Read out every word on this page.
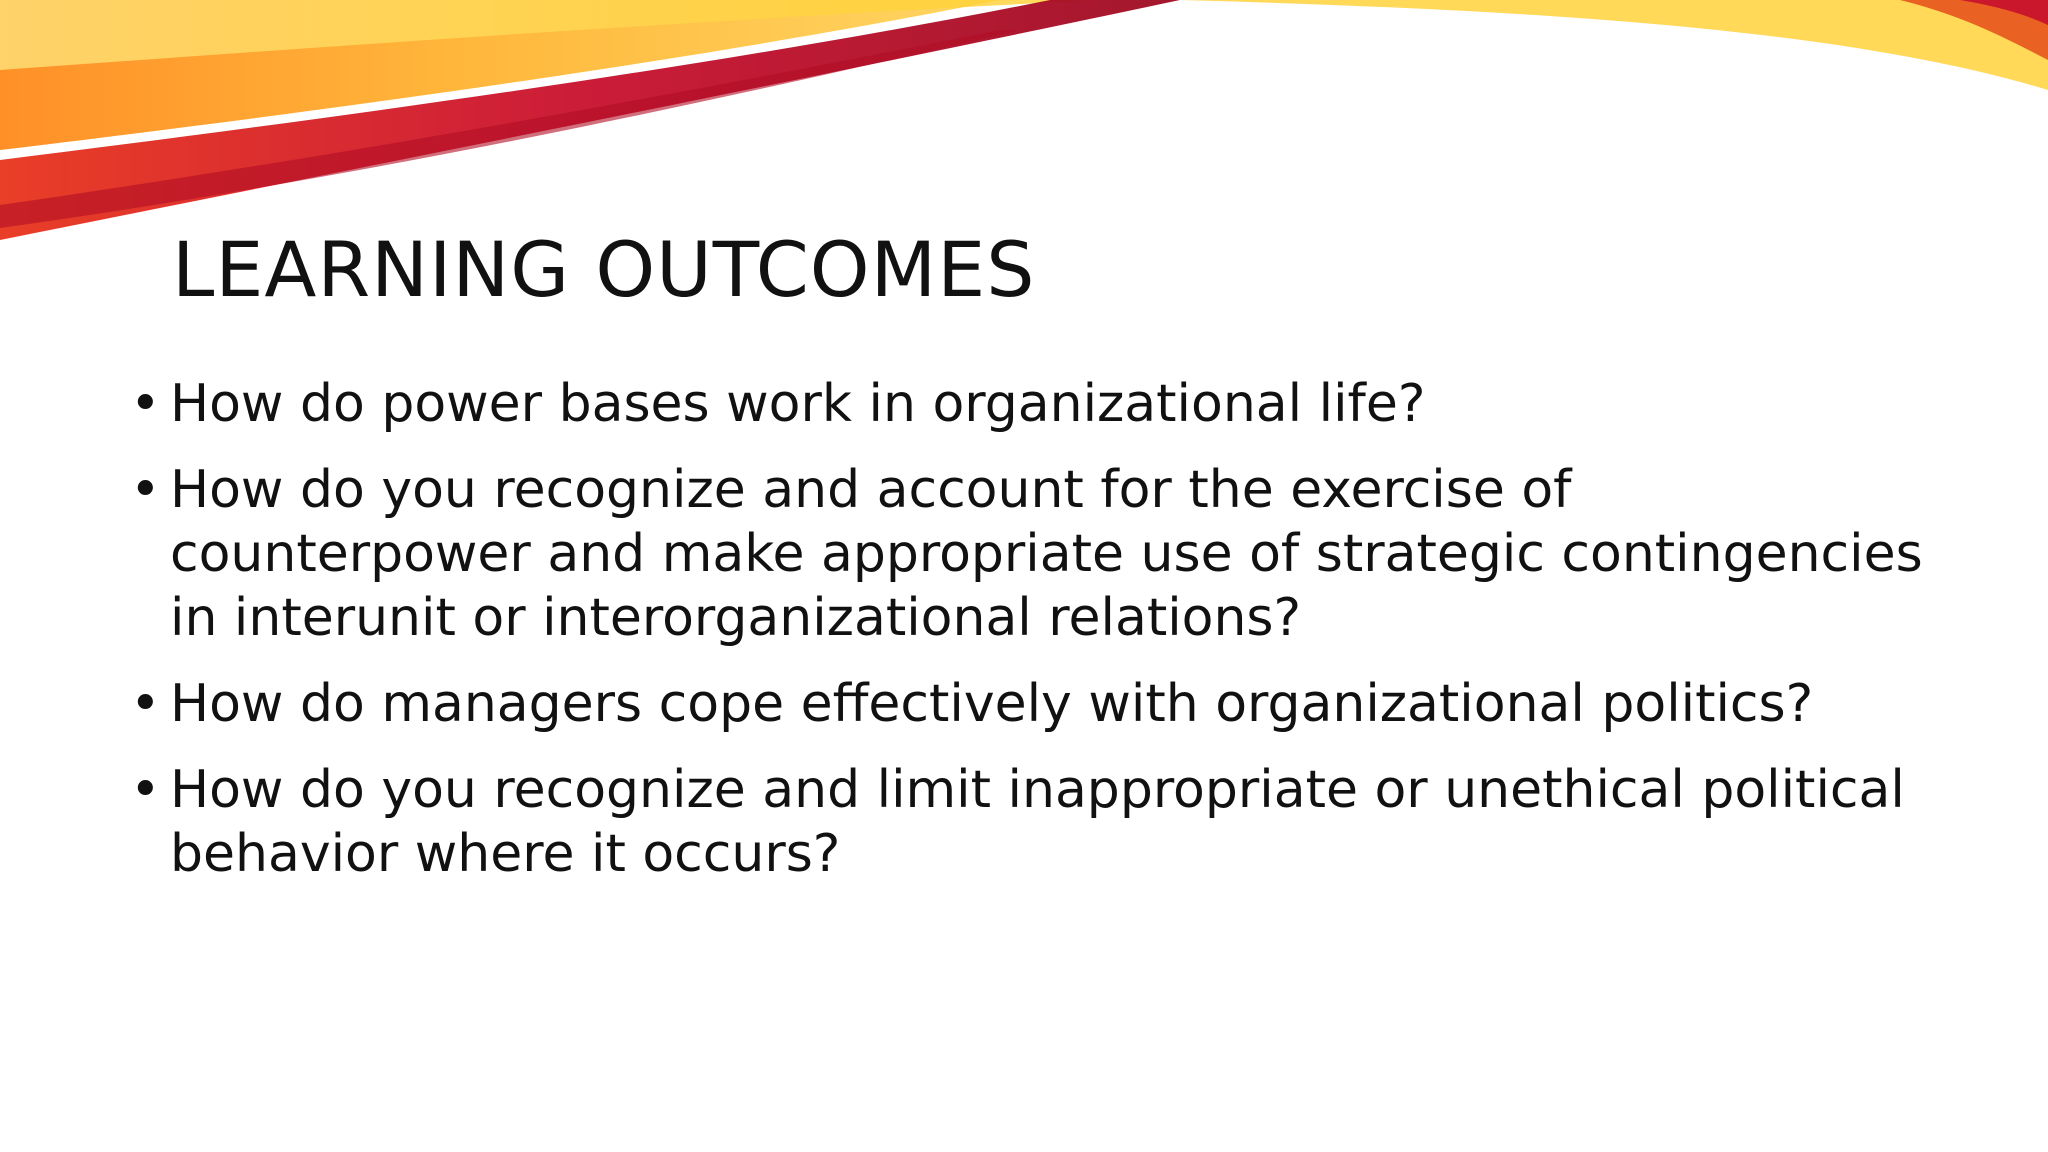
LEARNING OUTCOMES
• How do power bases work in organizational life?
• How do you recognize and account for the exercise of counterpower and make appropriate use of strategic contingencies in interunit or interorganizational relations?
• How do managers cope effectively with organizational politics?
• How do you recognize and limit inappropriate or unethical political behavior where it occurs?
